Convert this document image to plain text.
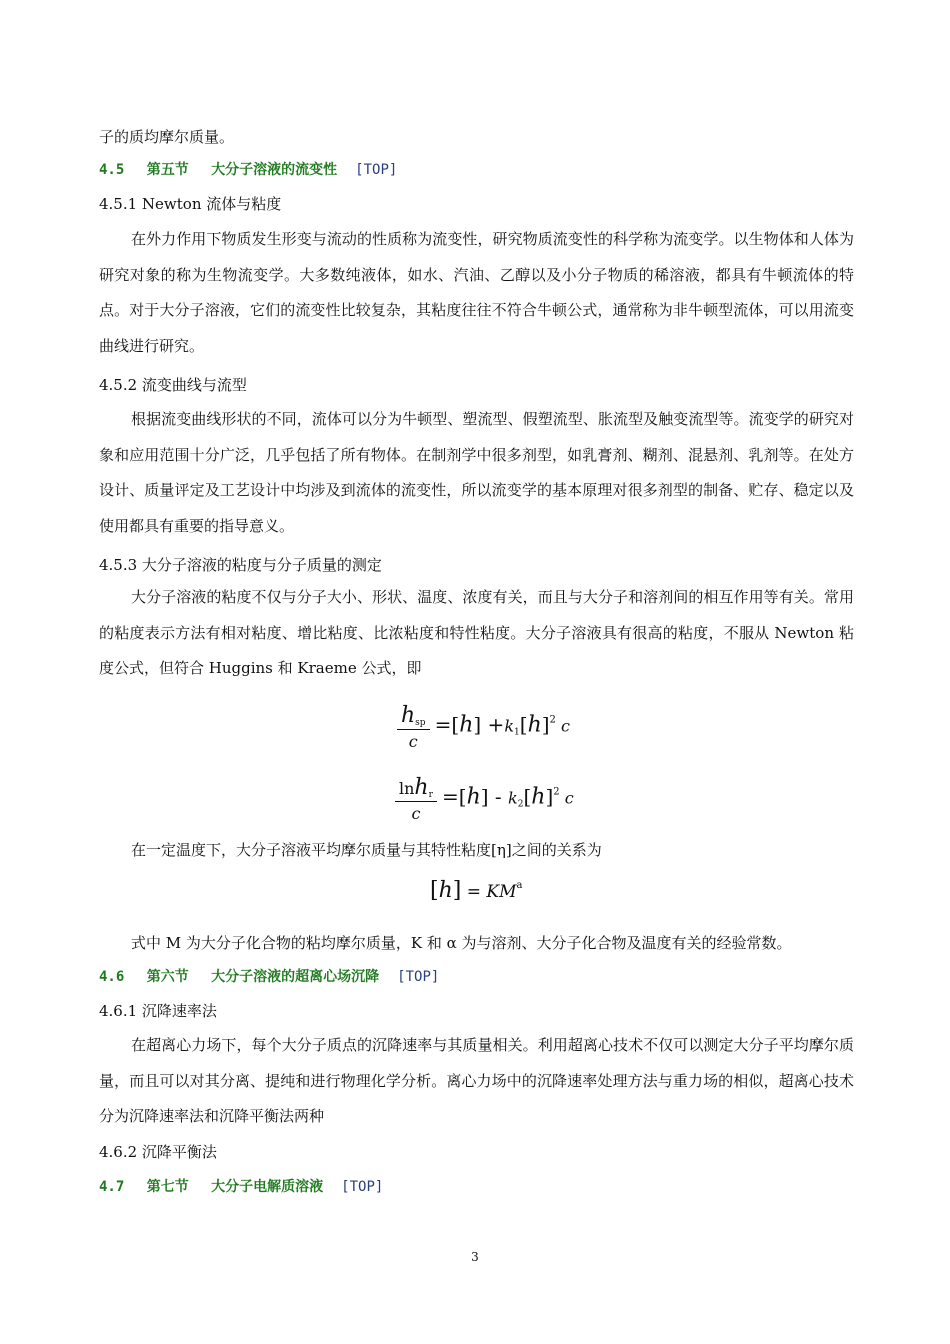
子的质均摩尔质量。
4.5　 第五节　 大分子溶液的流变性 [TOP]
4.5.1 Newton 流体与粘度

在外力作用下物质发生形变与流动的性质称为流变性，研究物质流变性的科学称为流变学。以生物体和人体为研究对象的称为生物流变学。大多数纯液体，如水、汽油、乙醇以及小分子物质的稀溶液，都具有牛顿流体的特点。对于大分子溶液，它们的流变性比较复杂，其粘度往往不符合牛顿公式，通常称为非牛顿型流体，可以用流变曲线进行研究。

4.5.2 流变曲线与流型

根据流变曲线形状的不同，流体可以分为牛顿型、塑流型、假塑流型、胀流型及触变流型等。流变学的研究对象和应用范围十分广泛，几乎包括了所有物体。在制剂学中很多剂型，如乳膏剂、糊剂、混悬剂、乳剂等。在处方设计、质量评定及工艺设计中均涉及到流体的流变性，所以流变学的基本原理对很多剂型的制备、贮存、稳定以及使用都具有重要的指导意义。

4.5.3 大分子溶液的粘度与分子质量的测定

大分子溶液的粘度不仅与分子大小、形状、温度、浓度有关，而且与大分子和溶剂间的相互作用等有关。常用的粘度表示方法有相对粘度、增比粘度、比浓粘度和特性粘度。大分子溶液具有很高的粘度，不服从 Newton 粘度公式，但符合 Huggins 和 Kraeme 公式，即

$\frac{h_{sp}}{c} =[h] +k_1[h]^2$ c
$\frac{\ln h_r}{c} =[h] - k_2[h]^2$ c
在一定温度下，大分子溶液平均摩尔质量与其特性粘度[η]之间的关系为
$[h] = KM^a$
式中 M 为大分子化合物的粘均摩尔质量，K 和 α 为与溶剂、大分子化合物及温度有关的经验常数。
4.6　 第六节　 大分子溶液的超离心场沉降 [TOP]
4.6.1 沉降速率法

在超离心力场下，每个大分子质点的沉降速率与其质量相关。利用超离心技术不仅可以测定大分子平均摩尔质量，而且可以对其分离、提纯和进行物理化学分析。离心力场中的沉降速率处理方法与重力场的相似，超离心技术分为沉降速率法和沉降平衡法两种

4.6.2 沉降平衡法
4.7　 第七节　 大分子电解质溶液 [TOP]
3
